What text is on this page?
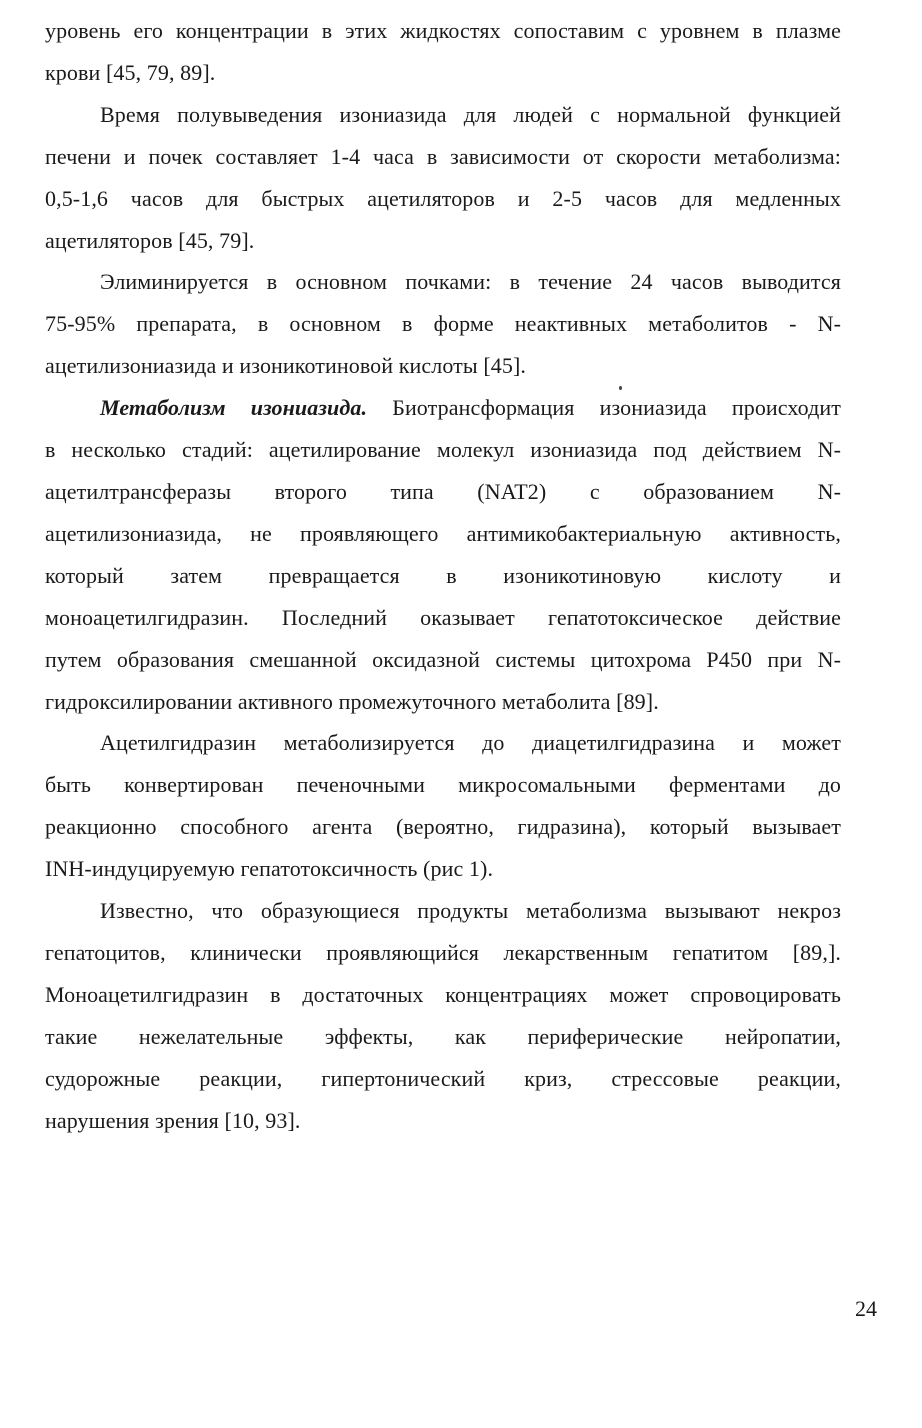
уровень его концентрации в этих жидкостях сопоставим с уровнем в плазме
крови [45, 79, 89].
Время полувыведения изониазида для людей с нормальной функцией
печени и почек составляет 1-4 часа в зависимости от скорости метаболизма:
0,5-1,6 часов для быстрых ацетиляторов и 2-5 часов для медленных
ацетиляторов [45, 79].
Элиминируется в основном почками: в течение 24 часов выводится
75-95% препарата, в основном в форме неактивных метаболитов - N-
ацетилизониазида и изоникотиновой кислоты [45].
Метаболизм изониазида. Биотрансформация изониазида происходит
в несколько стадий: ацетилирование молекул изониазида под действием N-
ацетилтрансферазы второго типа (NAT2) с образованием N-
ацетилизониазида, не проявляющего антимикобактериальную активность,
который затем превращается в изоникотиновую кислоту и
моноацетилгидразин. Последний оказывает гепатотоксическое действие
путем образования смешанной оксидазной системы цитохрома P450 при N-
гидроксилировании активного промежуточного метаболита [89].
Ацетилгидразин метаболизируется до диацетилгидразина и может
быть конвертирован печеночными микросомальными ферментами до
реакционно способного агента (вероятно, гидразина), который вызывает
INH-индуцируемую гепатотоксичность (рис 1).
Известно, что образующиеся продукты метаболизма вызывают некроз
гепатоцитов, клинически проявляющийся лекарственным гепатитом [89,].
Моноацетилгидразин в достаточных концентрациях может спровоцировать
такие нежелательные эффекты, как периферические нейропатии,
судорожные реакции, гипертонический криз, стрессовые реакции,
нарушения зрения [10, 93].
24
